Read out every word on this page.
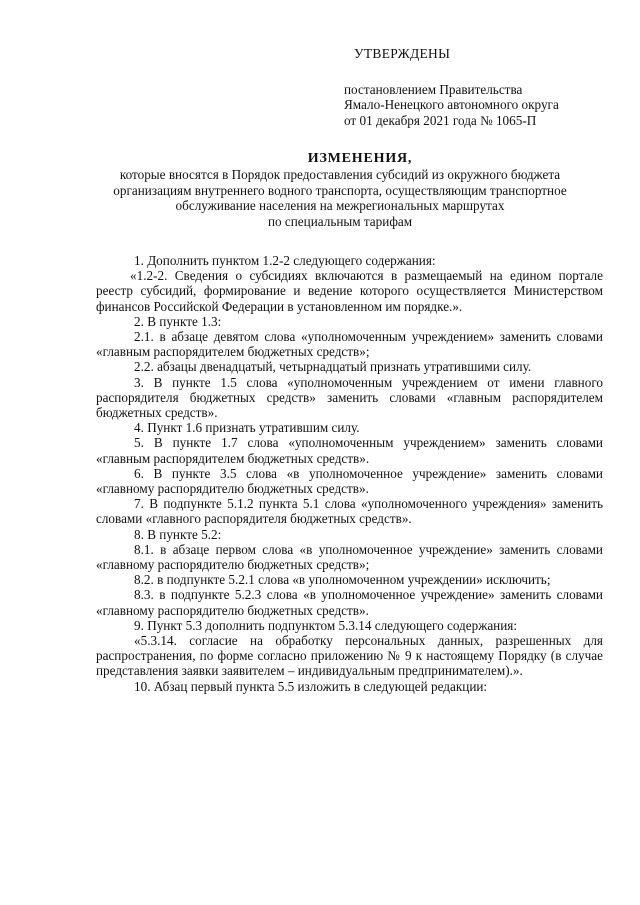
УТВЕРЖДЕНЫ

постановлением Правительства

Ямало-Ненецкого автономного округа

от 01 декабря 2021 года № 1065-П

ИЗМЕНЕНИЯ,

которые вносятся в Порядок предоставления субсидий из окружного бюджета

организациям внутреннего водного транспорта, осуществляющим транспортное

обслуживание населения на межрегиональных маршрутах

по специальным тарифам

1. Дополнить пунктом 1.2-2 следующего содержания:

«1.2-2. Сведения о субсидиях включаются в размещаемый на едином портале реестр субсидий, формирование и ведение которого осуществляется Министерством финансов Российской Федерации в установленном им порядке.».

2. В пункте 1.3:

2.1. в абзаце девятом слова «уполномоченным учреждением» заменить словами «главным распорядителем бюджетных средств»;

2.2. абзацы двенадцатый, четырнадцатый признать утратившими силу.

3. В пункте 1.5 слова «уполномоченным учреждением от имени главного распорядителя бюджетных средств» заменить словами «главным распорядителем бюджетных средств».

4. Пункт 1.6 признать утратившим силу.

5. В пункте 1.7 слова «уполномоченным учреждением» заменить словами «главным распорядителем бюджетных средств».

6. В пункте 3.5 слова «в уполномоченное учреждение» заменить словами «главному распорядителю бюджетных средств».

7. В подпункте 5.1.2 пункта 5.1 слова «уполномоченного учреждения» заменить словами «главного распорядителя бюджетных средств».

8. В пункте 5.2:

8.1. в абзаце первом слова «в уполномоченное учреждение» заменить словами «главному распорядителю бюджетных средств»;

8.2. в подпункте 5.2.1 слова «в уполномоченном учреждении» исключить;

8.3. в подпункте 5.2.3 слова «в уполномоченное учреждение» заменить словами «главному распорядителю бюджетных средств».

9. Пункт 5.3 дополнить подпунктом 5.3.14 следующего содержания:

«5.3.14. согласие на обработку персональных данных, разрешенных для распространения, по форме согласно приложению № 9 к настоящему Порядку (в случае представления заявки заявителем – индивидуальным предпринимателем).».

10. Абзац первый пункта 5.5 изложить в следующей редакции:
